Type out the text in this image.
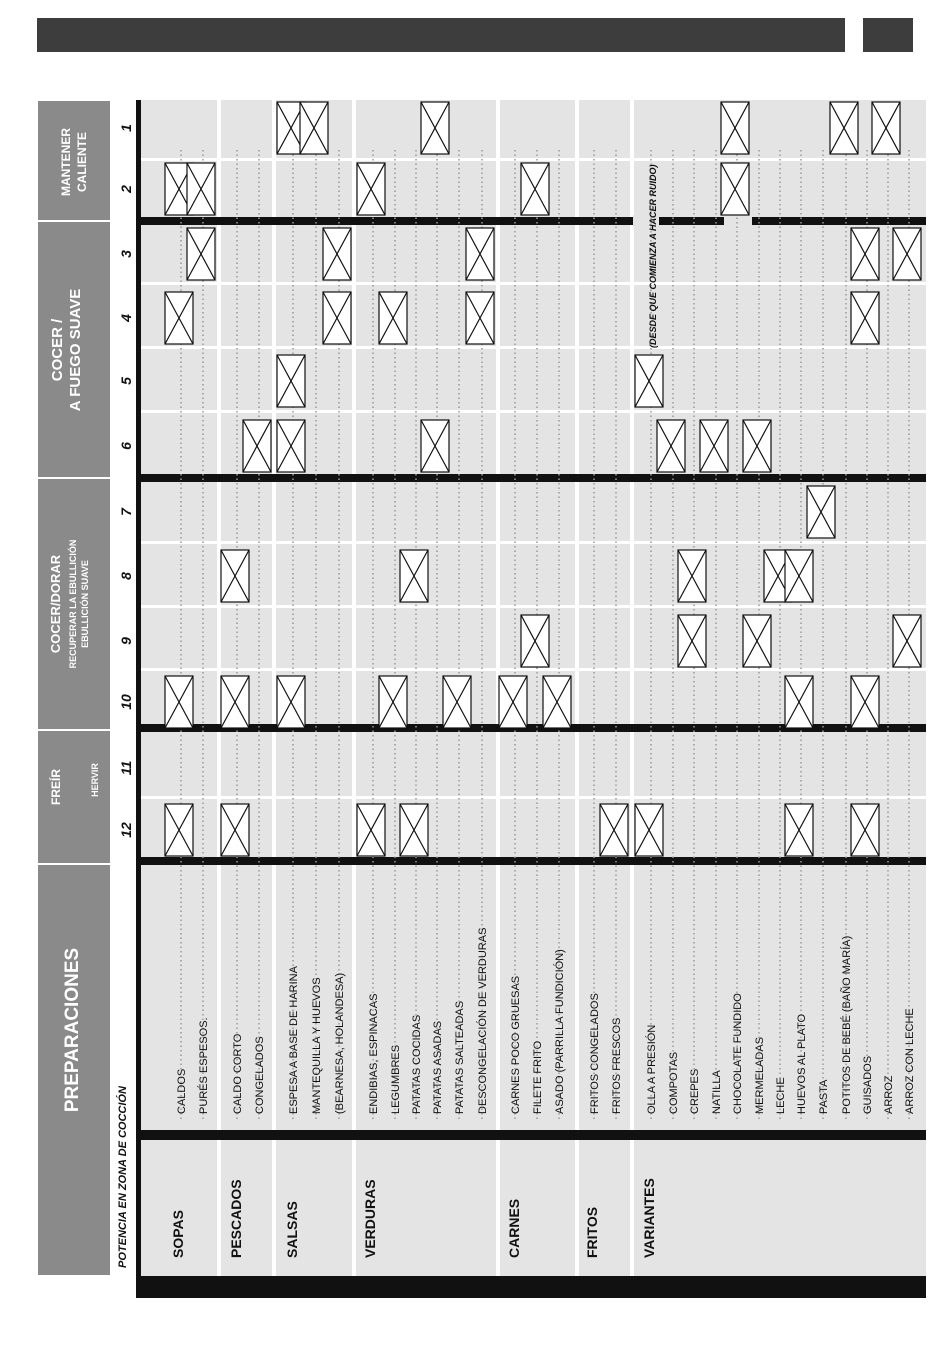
MANTENER CALIENTE
COCER / A FUEGO SUAVE
COCER/DORAR RECUPERAR LA EBULLICIÓN EBULLICIÓN SUAVE
FREÍR	HERVIR
PREPARACIONES
POTENCIA EN ZONA DE COCCIÓN
1
2
3
4
5
6
7
8
9
10
11
12
SOPAS
CALDOS PURÉS ESPESOS.
PESCADOS
CALDO CORTO CONGELADOS
SALSAS
ESPESA A BASE DE HARINA MANTEQUILLA Y HUEVOS (BEARNESA, HOLANDESA)
VERDURAS
ENDIBIAS, ESPINACAS LEGUMBRES PATATAS COCIDAS PATATAS ASADAS PATATAS SALTEADAS DESCONGELACIÓN DE VERDURAS
CARNES
CARNES POCO GRUESAS FILETE FRITO ASADO (PARRILLA FUNDICIÓN)
FRITOS
FRITOS CONGELADOS FRITOS FRESCOS
VARIANTES
OLLA A PRESIÓN COMPOTAS CREPES NATILLA CHOCOLATE FUNDIDO MERMELADAS LECHE HUEVOS AL PLATO PASTA POTITOS DE BEBÉ (BAÑO MARÍA) GUISADOS ARROZ ARROZ CON LECHE
(DESDE QUE COMIENZA A HACER RUIDO)
